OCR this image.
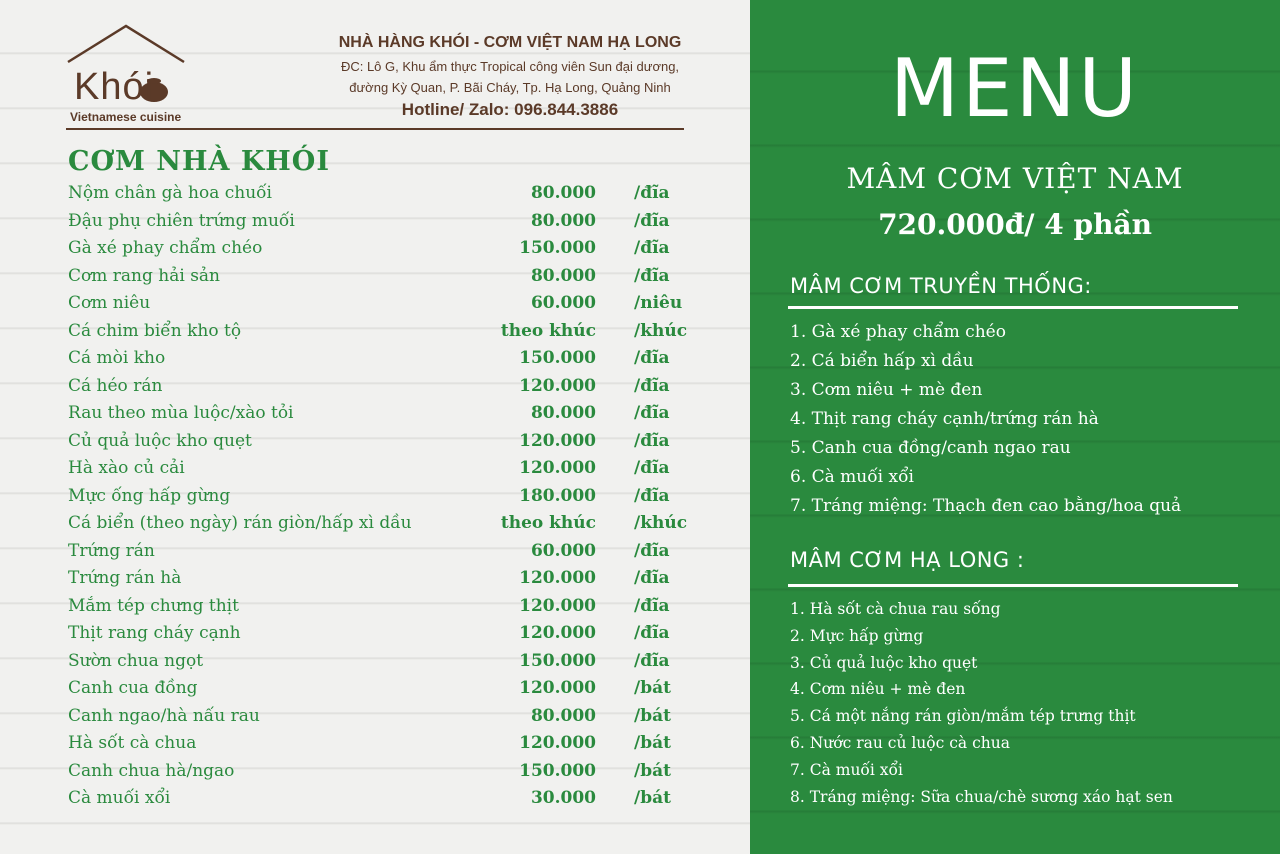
Khói
Vietnamese cuisine
NHÀ HÀNG KHÓI - CƠM VIỆT NAM HẠ LONG
ĐC: Lô G, Khu ẩm thực Tropical công viên Sun đại dương,
đường Kỳ Quan, P. Bãi Cháy, Tp. Hạ Long, Quảng Ninh
Hotline/ Zalo: 096.844.3886
CƠM NHÀ KHÓI
Nộm chân gà hoa chuối	80.000 /đĩa
Đậu phụ chiên trứng muối	80.000 /đĩa
Gà xé phay chẩm chéo	150.000 /đĩa
Cơm rang hải sản	80.000 /đĩa
Cơm niêu	60.000 /niêu
Cá chim biển kho tộ	theo khúc /khúc
Cá mòi kho	150.000 /đĩa
Cá héo rán	120.000 /đĩa
Rau theo mùa luộc/xào tỏi	80.000 /đĩa
Củ quả luộc kho quẹt	120.000 /đĩa
Hà xào củ cải	120.000 /đĩa
Mực ống hấp gừng	180.000 /đĩa
Cá biển (theo ngày) rán giòn/hấp xì dầu	theo khúc /khúc
Trứng rán	60.000 /đĩa
Trứng rán hà	120.000 /đĩa
Mắm tép chưng thịt	120.000 /đĩa
Thịt rang cháy cạnh	120.000 /đĩa
Sườn chua ngọt	150.000 /đĩa
Canh cua đồng	120.000 /bát
Canh ngao/hà nấu rau	80.000 /bát
Hà sốt cà chua	120.000 /bát
Canh chua hà/ngao	150.000 /bát
Cà muối xổi	30.000 /bát
MENU
MÂM CƠM VIỆT NAM
720.000đ/ 4 phần
MÂM CƠM TRUYỀN THỐNG:
1. Gà xé phay chẩm chéo
2. Cá biển hấp xì dầu
3. Cơm niêu + mè đen
4. Thịt rang cháy cạnh/trứng rán hà
5. Canh cua đồng/canh ngao rau
6. Cà muối xổi
7. Tráng miệng: Thạch đen cao bằng/hoa quả
MÂM CƠM HẠ LONG :
1. Hà sốt cà chua rau sống
2. Mực hấp gừng
3. Củ quả luộc kho quẹt
4. Cơm niêu + mè đen
5. Cá một nắng rán giòn/mắm tép trưng thịt
6. Nước rau củ luộc cà chua
7. Cà muối xổi
8. Tráng miệng: Sữa chua/chè sương xáo hạt sen
